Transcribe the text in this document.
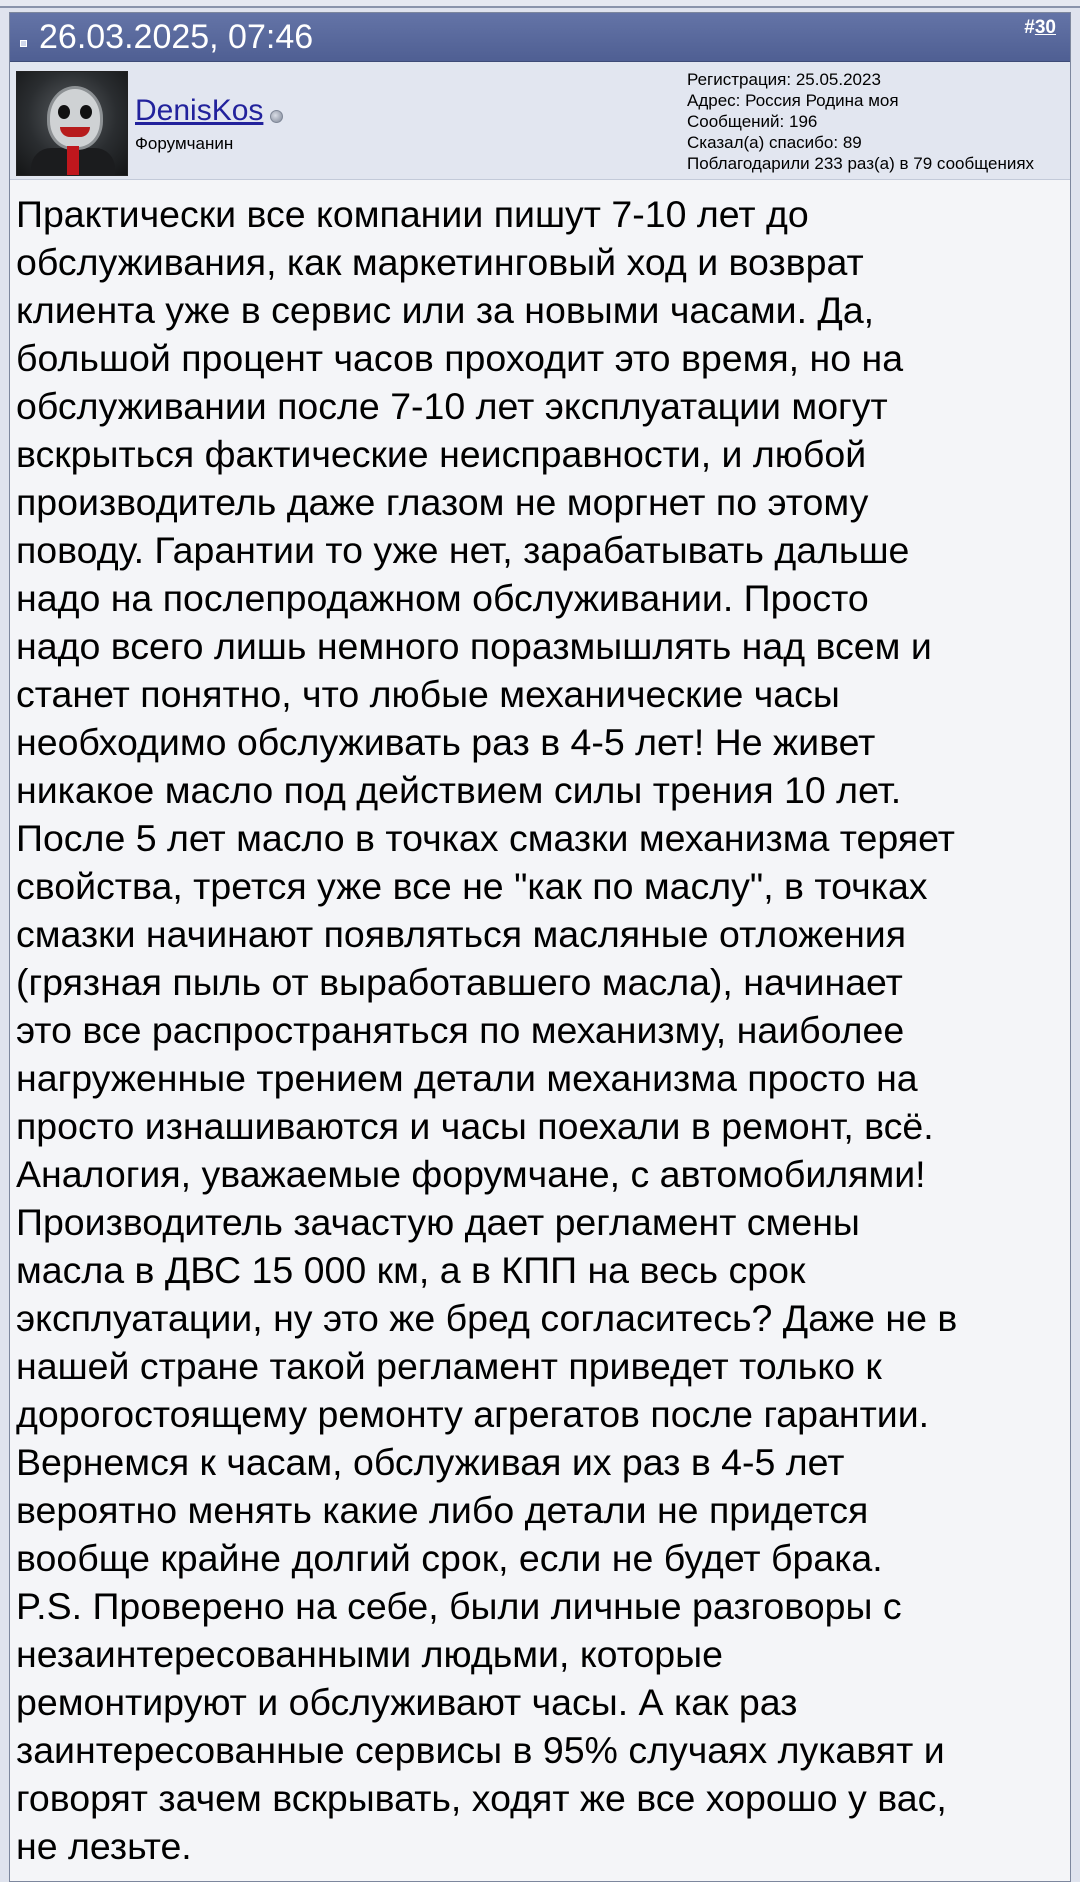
26.03.2025, 07:46	#30
DenisKos
Форумчанин
Регистрация: 25.05.2023
Адрес: Россия Родина моя
Сообщений: 196
Сказал(а) спасибо: 89
Поблагодарили 233 раз(а) в 79 сообщениях
Практически все компании пишут 7-10 лет до
обслуживания, как маркетинговый ход и возврат
клиента уже в сервис или за новыми часами. Да,
большой процент часов проходит это время, но на
обслуживании после 7-10 лет эксплуатации могут
вскрыться фактические неисправности, и любой
производитель даже глазом не моргнет по этому
поводу. Гарантии то уже нет, зарабатывать дальше
надо на послепродажном обслуживании. Просто
надо всего лишь немного поразмышлять над всем и
станет понятно, что любые механические часы
необходимо обслуживать раз в 4-5 лет! Не живет
никакое масло под действием силы трения 10 лет.
После 5 лет масло в точках смазки механизма теряет
свойства, трется уже все не "как по маслу", в точках
смазки начинают появляться масляные отложения
(грязная пыль от выработавшего масла), начинает
это все распространяться по механизму, наиболее
нагруженные трением детали механизма просто на
просто изнашиваются и часы поехали в ремонт, всё.
Аналогия, уважаемые форумчане, с автомобилями!
Производитель зачастую дает регламент смены
масла в ДВС 15 000 км, а в КПП на весь срок
эксплуатации, ну это же бред согласитесь? Даже не в
нашей стране такой регламент приведет только к
дорогостоящему ремонту агрегатов после гарантии.
Вернемся к часам, обслуживая их раз в 4-5 лет
вероятно менять какие либо детали не придется
вообще крайне долгий срок, если не будет брака.
P.S. Проверено на себе, были личные разговоры с
незаинтересованными людьми, которые
ремонтируют и обслуживают часы. А как раз
заинтересованные сервисы в 95% случаях лукавят и
говорят зачем вскрывать, ходят же все хорошо у вас,
не лезьте.
